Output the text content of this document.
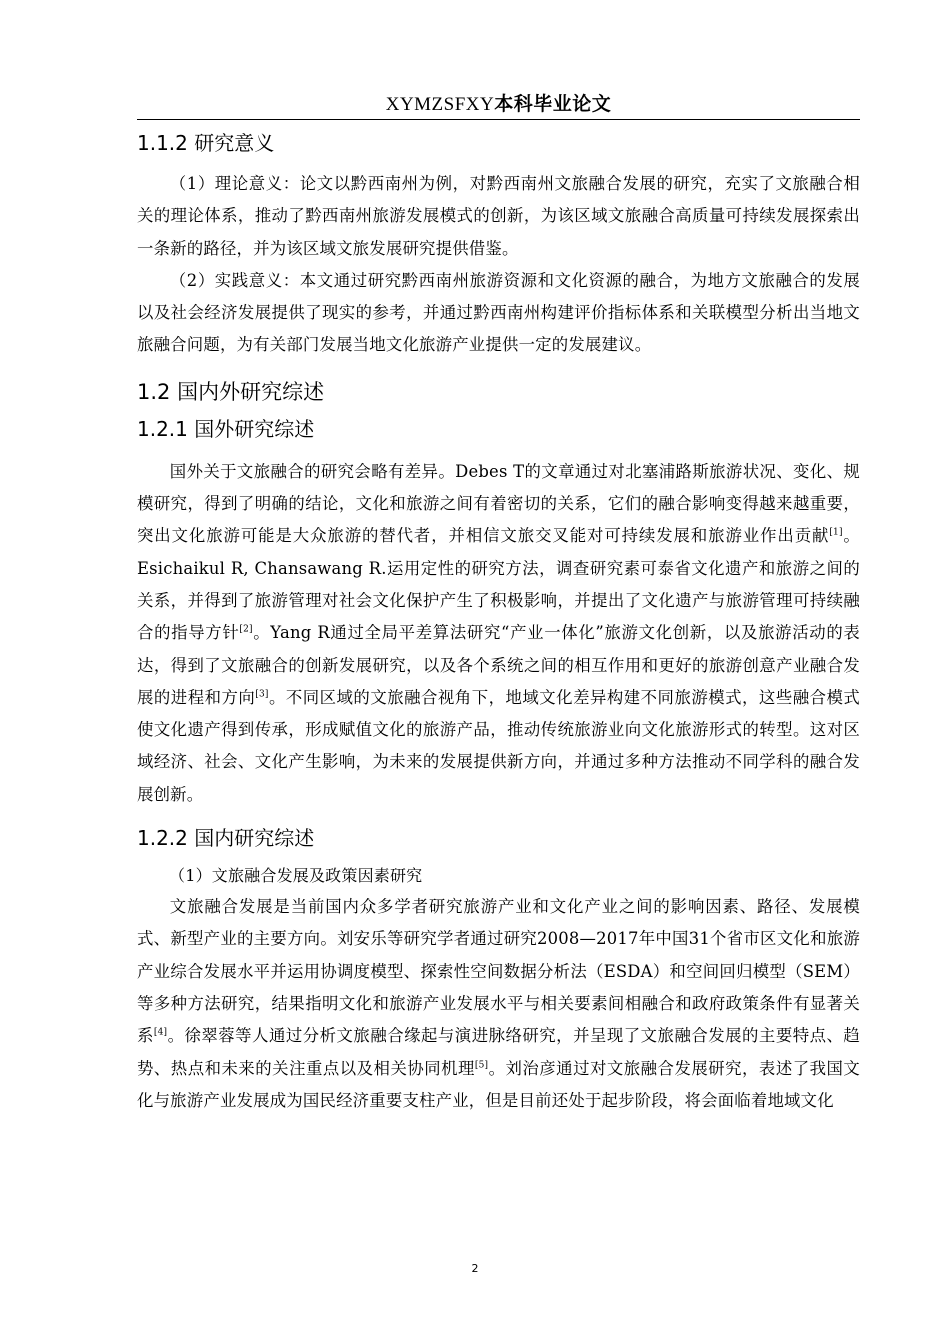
XYMZSFXY本科毕业论文
1.1.2 研究意义

（1）理论意义：论文以黔西南州为例，对黔西南州文旅融合发展的研究，充实了文旅融合相关的理论体系，推动了黔西南州旅游发展模式的创新，为该区域文旅融合高质量可持续发展探索出一条新的路径，并为该区域文旅发展研究提供借鉴。

（2）实践意义：本文通过研究黔西南州旅游资源和文化资源的融合，为地方文旅融合的发展以及社会经济发展提供了现实的参考，并通过黔西南州构建评价指标体系和关联模型分析出当地文旅融合问题，为有关部门发展当地文化旅游产业提供一定的发展建议。

1.2 国内外研究综述
1.2.1 国外研究综述

国外关于文旅融合的研究会略有差异。Debes T的文章通过对北塞浦路斯旅游状况、变化、规模研究，得到了明确的结论，文化和旅游之间有着密切的关系，它们的融合影响变得越来越重要，突出文化旅游可能是大众旅游的替代者，并相信文旅交叉能对可持续发展和旅游业作出贡献[1]。Esichaikul R, Chansawang R.运用定性的研究方法，调查研究素可泰省文化遗产和旅游之间的关系，并得到了旅游管理对社会文化保护产生了积极影响，并提出了文化遗产与旅游管理可持续融合的指导方针[2]。Yang R通过全局平差算法研究“产业一体化”旅游文化创新，以及旅游活动的表达，得到了文旅融合的创新发展研究，以及各个系统之间的相互作用和更好的旅游创意产业融合发展的进程和方向[3]。不同区域的文旅融合视角下，地域文化差异构建不同旅游模式，这些融合模式使文化遗产得到传承，形成赋值文化的旅游产品，推动传统旅游业向文化旅游形式的转型。这对区域经济、社会、文化产生影响，为未来的发展提供新方向，并通过多种方法推动不同学科的融合发展创新。

1.2.2 国内研究综述

（1）文旅融合发展及政策因素研究

文旅融合发展是当前国内众多学者研究旅游产业和文化产业之间的影响因素、路径、发展模式、新型产业的主要方向。刘安乐等研究学者通过研究2008—2017年中国31个省市区文化和旅游产业综合发展水平并运用协调度模型、探索性空间数据分析法（ESDA）和空间回归模型（SEM）等多种方法研究，结果指明文化和旅游产业发展水平与相关要素间相融合和政府政策条件有显著关系[4]。徐翠蓉等人通过分析文旅融合缘起与演进脉络研究，并呈现了文旅融合发展的主要特点、趋势、热点和未来的关注重点以及相关协同机理[5]。刘治彦通过对文旅融合发展研究，表述了我国文化与旅游产业发展成为国民经济重要支柱产业，但是目前还处于起步阶段，将会面临着地域文化

2
